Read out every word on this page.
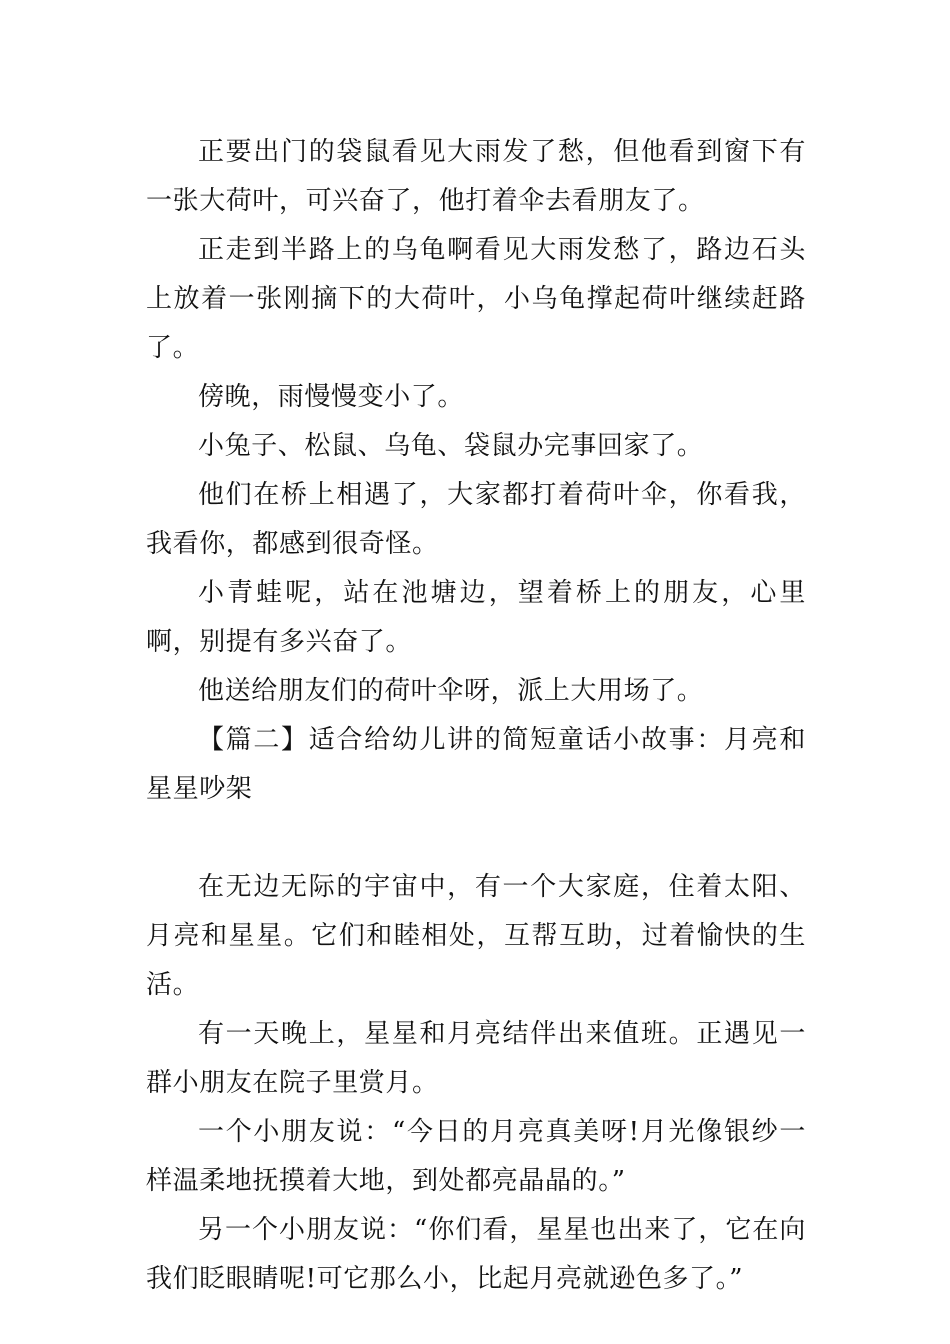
正要出门的袋鼠看见大雨发了愁，但他看到窗下有一张大荷叶，可兴奋了，他打着伞去看朋友了。

正走到半路上的乌龟啊看见大雨发愁了，路边石头上放着一张刚摘下的大荷叶，小乌龟撑起荷叶继续赶路了。

傍晚，雨慢慢变小了。

小兔子、松鼠、乌龟、袋鼠办完事回家了。

他们在桥上相遇了，大家都打着荷叶伞，你看我，我看你，都感到很奇怪。

小青蛙呢，站在池塘边，望着桥上的朋友，心里啊，别提有多兴奋了。

他送给朋友们的荷叶伞呀，派上大用场了。

【篇二】适合给幼儿讲的简短童话小故事：月亮和星星吵架

在无边无际的宇宙中，有一个大家庭，住着太阳、月亮和星星。它们和睦相处，互帮互助，过着愉快的生活。

有一天晚上，星星和月亮结伴出来值班。正遇见一群小朋友在院子里赏月。

一个小朋友说：“今日的月亮真美呀!月光像银纱一样温柔地抚摸着大地，到处都亮晶晶的。”

另一个小朋友说：“你们看，星星也出来了，它在向我们眨眼睛呢!可它那么小，比起月亮就逊色多了。”
